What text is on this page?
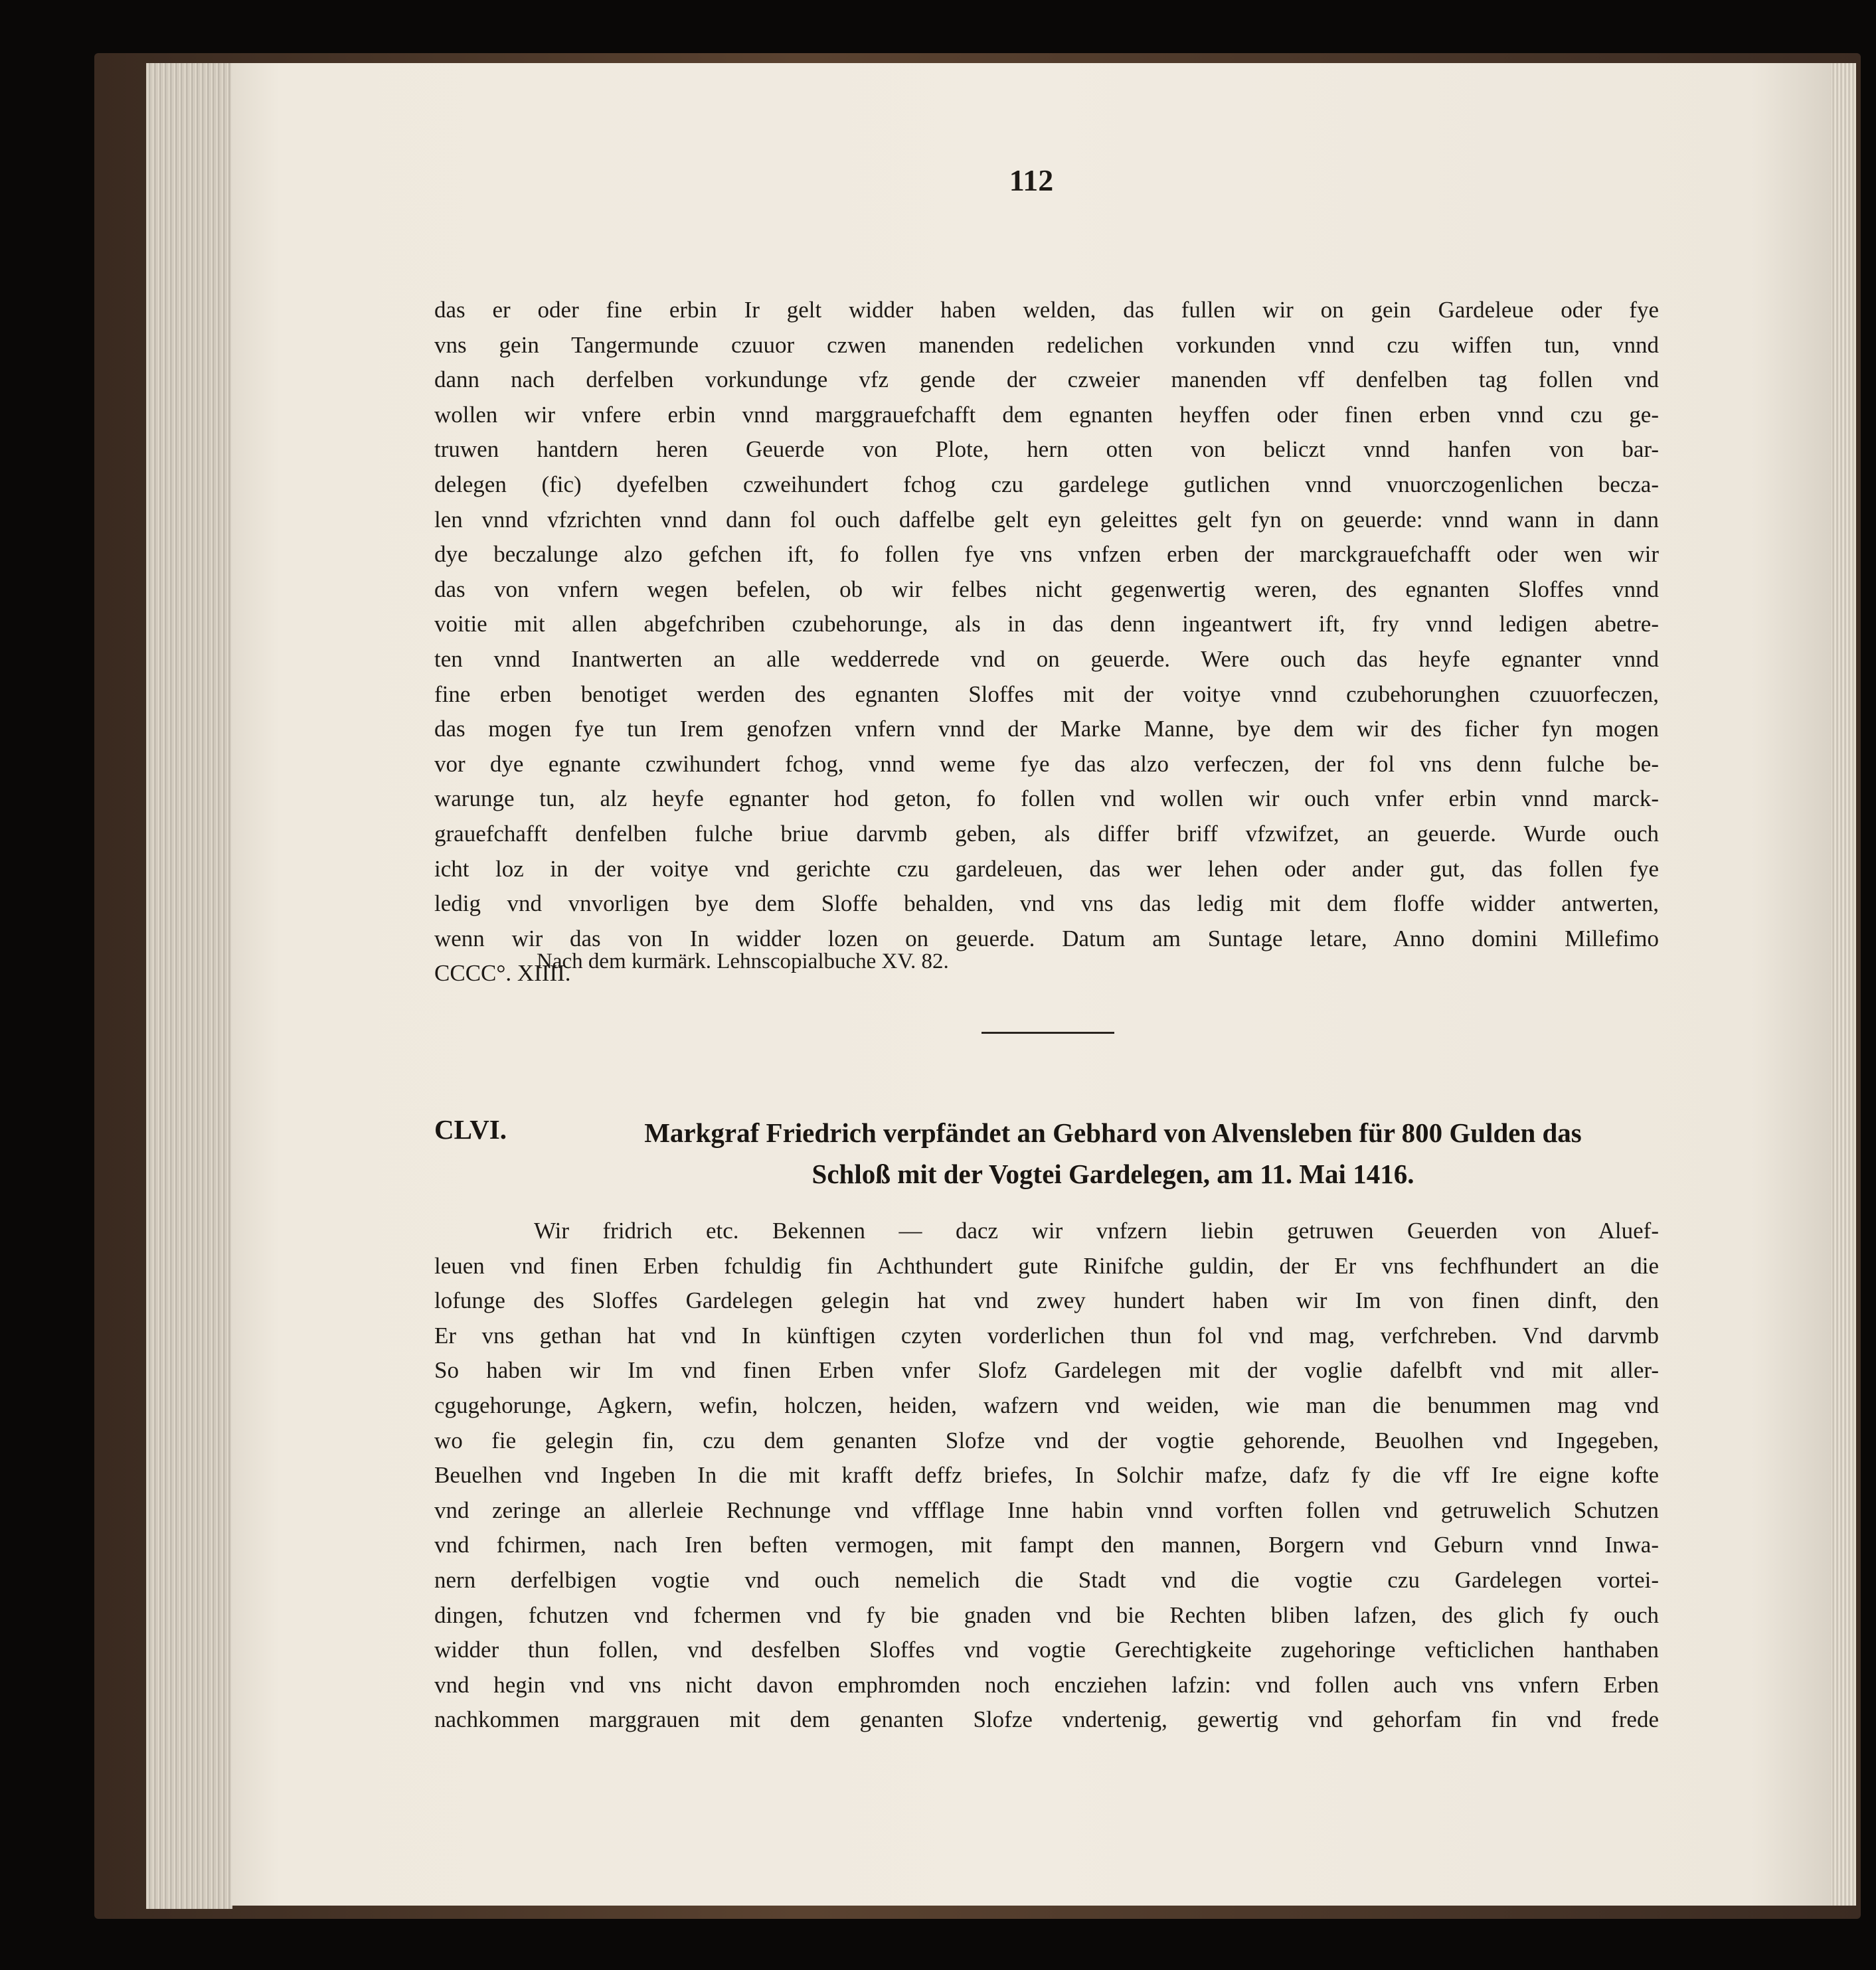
112
das er oder fine erbin Ir gelt widder haben welden, das fullen wir on gein Gardeleue oder fye
vns gein Tangermunde czuuor czwen manenden redelichen vorkunden vnnd czu wiffen tun, vnnd
dann nach derfelben vorkundunge vfz gende der czweier manenden vff denfelben tag follen vnd
wollen wir vnfere erbin vnnd marggrauefchafft dem egnanten heyffen oder finen erben vnnd czu ge-
truwen hantdern heren Geuerde von Plote, hern otten von beliczt vnnd hanfen von bar-
delegen (fic) dyefelben czweihundert fchog czu gardelege gutlichen vnnd vnuorczogenlichen becza-
len vnnd vfzrichten vnnd dann fol ouch daffelbe gelt eyn geleittes gelt fyn on geuerde: vnnd wann in dann
dye beczalunge alzo gefchen ift, fo follen fye vns vnfzen erben der marckgrauefchafft oder wen wir
das von vnfern wegen befelen, ob wir felbes nicht gegenwertig weren, des egnanten Sloffes vnnd
voitie mit allen abgefchriben czubehorunge, als in das denn ingeantwert ift, fry vnnd ledigen abetre-
ten vnnd Inantwerten an alle wedderrede vnd on geuerde. Were ouch das heyfe egnanter vnnd
fine erben benotiget werden des egnanten Sloffes mit der voitye vnnd czubehorunghen czuuorfeczen,
das mogen fye tun Irem genofzen vnfern vnnd der Marke Manne, bye dem wir des ficher fyn mogen
vor dye egnante czwihundert fchog, vnnd weme fye das alzo verfeczen, der fol vns denn fulche be-
warunge tun, alz heyfe egnanter hod geton, fo follen vnd wollen wir ouch vnfer erbin vnnd marck-
grauefchafft denfelben fulche briue darvmb geben, als differ briff vfzwifzet, an geuerde. Wurde ouch
icht loz in der voitye vnd gerichte czu gardeleuen, das wer lehen oder ander gut, das follen fye
ledig vnd vnvorligen bye dem Sloffe behalden, vnd vns das ledig mit dem floffe widder antwerten,
wenn wir das von In widder lozen on geuerde. Datum am Suntage letare, Anno domini Millefimo
CCCC°. XIIII.
Nach dem kurmärk. Lehnscopialbuche XV. 82.
CLVI.	Markgraf Friedrich verpfändet an Gebhard von Alvensleben für 800 Gulden das
Schloß mit der Vogtei Gardelegen, am 11. Mai 1416.
Wir fridrich etc. Bekennen — dacz wir vnfzern liebin getruwen Geuerden von Aluef-
leuen vnd finen Erben fchuldig fin Achthundert gute Rinifche guldin, der Er vns fechfhundert an die
lofunge des Sloffes Gardelegen gelegin hat vnd zwey hundert haben wir Im von finen dinft, den
Er vns gethan hat vnd In künftigen czyten vorderlichen thun fol vnd mag, verfchreben. Vnd darvmb
So haben wir Im vnd finen Erben vnfer Slofz Gardelegen mit der voglie dafelbft vnd mit aller-
cgugehorunge, Agkern, wefin, holczen, heiden, wafzern vnd weiden, wie man die benummen mag vnd
wo fie gelegin fin, czu dem genanten Slofze vnd der vogtie gehorende, Beuolhen vnd Ingegeben,
Beuelhen vnd Ingeben In die mit krafft deffz briefes, In Solchir mafze, dafz fy die vff Ire eigne kofte
vnd zeringe an allerleie Rechnunge vnd vffflage Inne habin vnnd vorften follen vnd getruwelich Schutzen
vnd fchirmen, nach Iren beften vermogen, mit fampt den mannen, Borgern vnd Geburn vnnd Inwa-
nern derfelbigen vogtie vnd ouch nemelich die Stadt vnd die vogtie czu Gardelegen vortei-
dingen, fchutzen vnd fchermen vnd fy bie gnaden vnd bie Rechten bliben lafzen, des glich fy ouch
widder thun follen, vnd desfelben Sloffes vnd vogtie Gerechtigkeite zugehoringe vefticlichen hanthaben
vnd hegin vnd vns nicht davon emphromden noch encziehen lafzin: vnd follen auch vns vnfern Erben
nachkommen marggrauen mit dem genanten Slofze vndertenig, gewertig vnd gehorfam fin vnd frede
